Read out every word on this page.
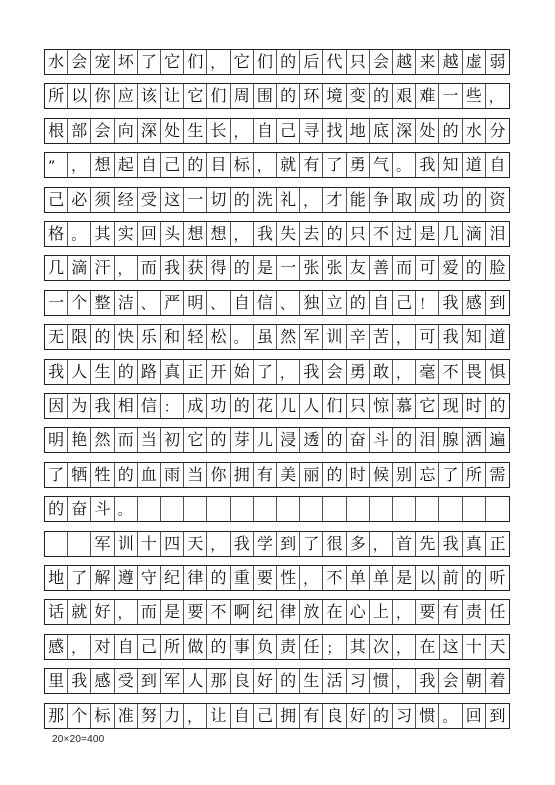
水 会 宠 坏 了 它 们 ， 它 们 的 后 代 只 会 越 来 越 虚 弱
所 以 你 应 该 让 它 们 周 围 的 环 境 变 的 艰 难 一 些 ，
根 部 会 向 深 处 生 长 ， 自 己 寻 找 地 底 深 处 的 水 分
”	， 想 起 自 己 的 目 标 ， 就 有 了 勇 气 。 我 知 道 自
己 必 须 经 受 这 一 切 的 洗 礼 ， 才 能 争 取 成 功 的 资
格 。 其 实 回 头 想 想 ， 我 失 去 的 只 不 过 是 几 滴 泪
几 滴 汗 ， 而 我 获 得 的 是 一 张 张 友 善 而 可 爱 的 脸
一 个 整 洁 、 严 明 、 自 信 、 独 立 的 自 己 ！ 我 感 到
无 限 的 快 乐 和 轻 松 。 虽 然 军 训 辛 苦 ， 可 我 知 道
我 人 生 的 路 真 正 开 始 了 ， 我 会 勇 敢 ， 毫 不 畏 惧
因 为 我 相 信 ： 成 功 的 花 儿 人 们 只 惊 慕 它 现 时 的
明 艳 然 而 当 初 它 的 芽 儿 浸 透 的 奋 斗 的 泪 腺 洒 遍
了 牺 牲 的 血 雨 当 你 拥 有 美 丽 的 时 候 别 忘 了 所 需
的 奋 斗 。
军 训 十 四 天 ， 我 学 到 了 很 多 ， 首 先 我 真 正
地 了 解 遵 守 纪 律 的 重 要 性 ， 不 单 单 是 以 前 的 听
话 就 好 ， 而 是 要 不 啊 纪 律 放 在 心 上 ， 要 有 责 任
感 ， 对 自 己 所 做 的 事 负 责 任 ； 其 次 ， 在 这 十 天
里 我 感 受 到 军 人 那 良 好 的 生 活 习 惯 ， 我 会 朝 着
那 个 标 准 努 力 ， 让 自 己 拥 有 良 好 的 习 惯 。 回 到
20×20=400
